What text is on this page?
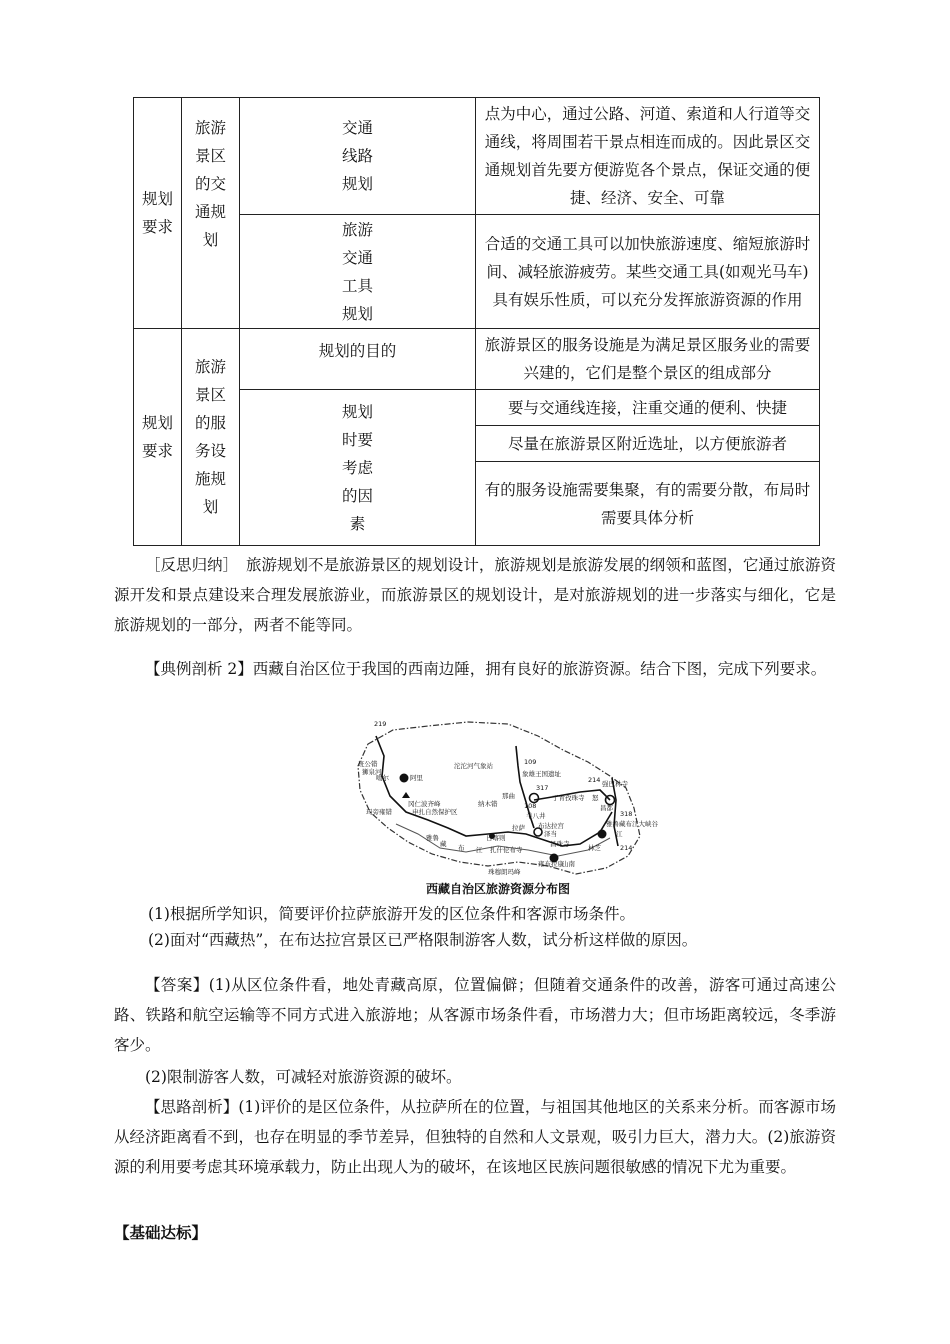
规划要求	旅游景区的交通规划	交通线路规划	点为中心，通过公路、河道、索道和人行道等交通线，将周围若干景点相连而成的。因此景区交通规划首先要方便游览各个景点，保证交通的便捷、经济、安全、可靠

		旅游交通工具规划	合适的交通工具可以加快旅游速度、缩短旅游时间、减轻旅游疲劳。某些交通工具(如观光马车)具有娱乐性质，可以充分发挥旅游资源的作用

规划要求	旅游景区的服务设施规划	规划的目的	旅游景区的服务设施是为满足景区服务业的需要兴建的，它们是整个景区的组成部分

		规划时要考虑的因素	要与交通线连接，注重交通的便利、快捷
			尽量在旅游景区附近选址，以方便旅游者
			有的服务设施需要集聚，有的需要分散，布局时需要具体分析

［反思归纳］　旅游规划不是旅游景区的规划设计，旅游规划是旅游发展的纲领和蓝图，它通过旅游资源开发和景点建设来合理发展旅游业，而旅游景区的规划设计，是对旅游规划的进一步落实与细化，它是旅游规划的一部分，两者不能等同。

【典例剖析 2】西藏自治区位于我国的西南边陲，拥有良好的旅游资源。结合下图，完成下列要求。

219
班公错
狮泉河
噶尔	阿里
冈仁波齐峰
玛旁雍错	申扎自然保护区
纳木错
沱沱河气象站	109
象雄王国遗址
317
丁青孜珠寺
214 强巴林寺
昌都
那曲
108
羊八井	318
雅鲁藏布江大峡谷
怒
江
布达拉宫
拉萨
泽当
昌珠寺
雍布拉康
林芝
山南
日喀则
扎什伦布寺
珠穆朗玛峰
雅鲁
藏 布 江	214
西藏自治区旅游资源分布图

(1)根据所学知识，简要评价拉萨旅游开发的区位条件和客源市场条件。

(2)面对“西藏热”，在布达拉宫景区已严格限制游客人数，试分析这样做的原因。

【答案】(1)从区位条件看，地处青藏高原，位置偏僻；但随着交通条件的改善，游客可通过高速公路、铁路和航空运输等不同方式进入旅游地；从客源市场条件看，市场潜力大；但市场距离较远，冬季游客少。

(2)限制游客人数，可减轻对旅游资源的破坏。

【思路剖析】(1)评价的是区位条件，从拉萨所在的位置，与祖国其他地区的关系来分析。而客源市场从经济距离看不到，也存在明显的季节差异，但独特的自然和人文景观，吸引力巨大，潜力大。(2)旅游资源的利用要考虑其环境承载力，防止出现人为的破坏，在该地区民族问题很敏感的情况下尤为重要。

【基础达标】
